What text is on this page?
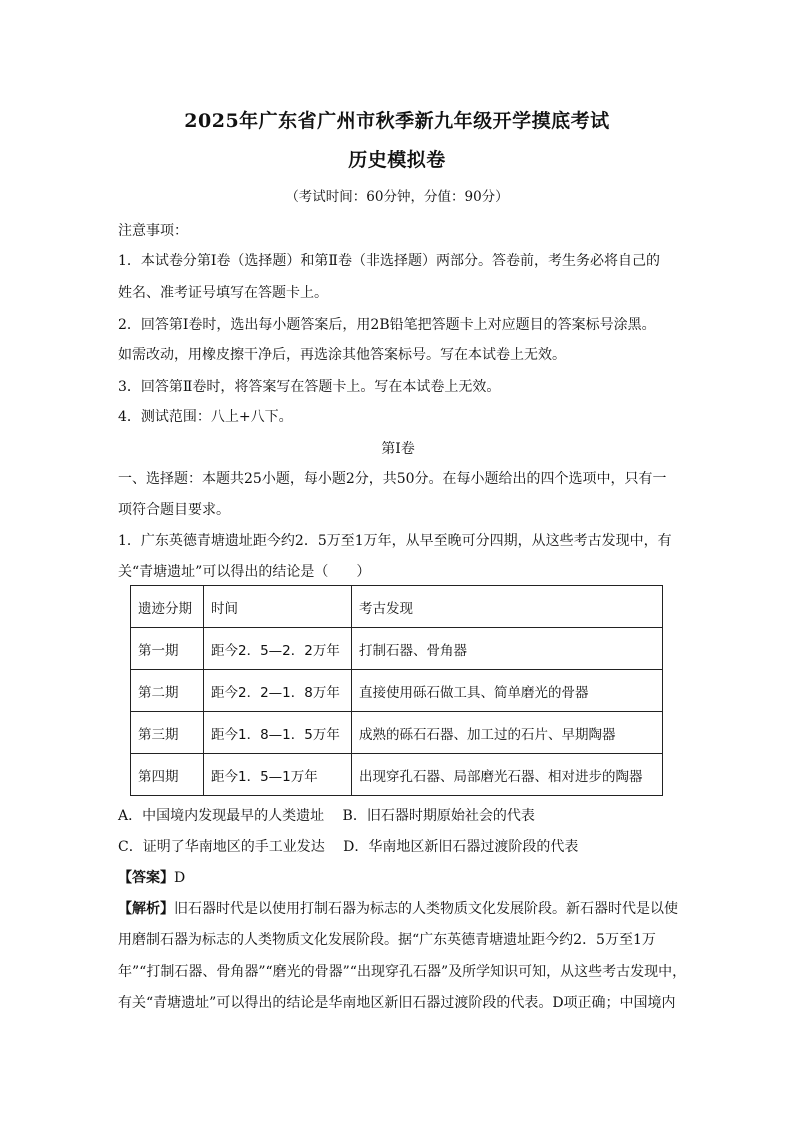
2025年广东省广州市秋季新九年级开学摸底考试
历史模拟卷
（考试时间：60分钟，分值：90分）
注意事项：
1．本试卷分第Ⅰ卷（选择题）和第Ⅱ卷（非选择题）两部分。答卷前，考生务必将自己的
姓名、准考证号填写在答题卡上。
2．回答第Ⅰ卷时，选出每小题答案后，用2B铅笔把答题卡上对应题目的答案标号涂黑。
如需改动，用橡皮擦干净后，再选涂其他答案标号。写在本试卷上无效。
3．回答第Ⅱ卷时，将答案写在答题卡上。写在本试卷上无效。
4．测试范围：八上+八下。
第Ⅰ卷
一、选择题：本题共25小题，每小题2分，共50分。在每小题给出的四个选项中，只有一
项符合题目要求。
1．广东英德青塘遗址距今约2．5万至1万年，从早至晚可分四期，从这些考古发现中，有
关“青塘遗址”可以得出的结论是（　　）
遗迹分期	时间	考古发现
第一期	距今2．5—2．2万年	打制石器、骨角器
第二期	距今2．2—1．8万年	直接使用砾石做工具、简单磨光的骨器
第三期	距今1．8—1．5万年	成熟的砾石石器、加工过的石片、早期陶器
第四期	距今1．5—1万年	出现穿孔石器、局部磨光石器、相对进步的陶器
A．中国境内发现最早的人类遗址　 B．旧石器时期原始社会的代表
C．证明了华南地区的手工业发达　 D．华南地区新旧石器过渡阶段的代表
【答案】D
【解析】旧石器时代是以使用打制石器为标志的人类物质文化发展阶段。新石器时代是以使
用磨制石器为标志的人类物质文化发展阶段。据“广东英德青塘遗址距今约2．5万至1万
年”“打制石器、骨角器”“磨光的骨器”“出现穿孔石器”及所学知识可知，从这些考古发现中，
有关“青塘遗址”可以得出的结论是华南地区新旧石器过渡阶段的代表。D项正确；中国境内
